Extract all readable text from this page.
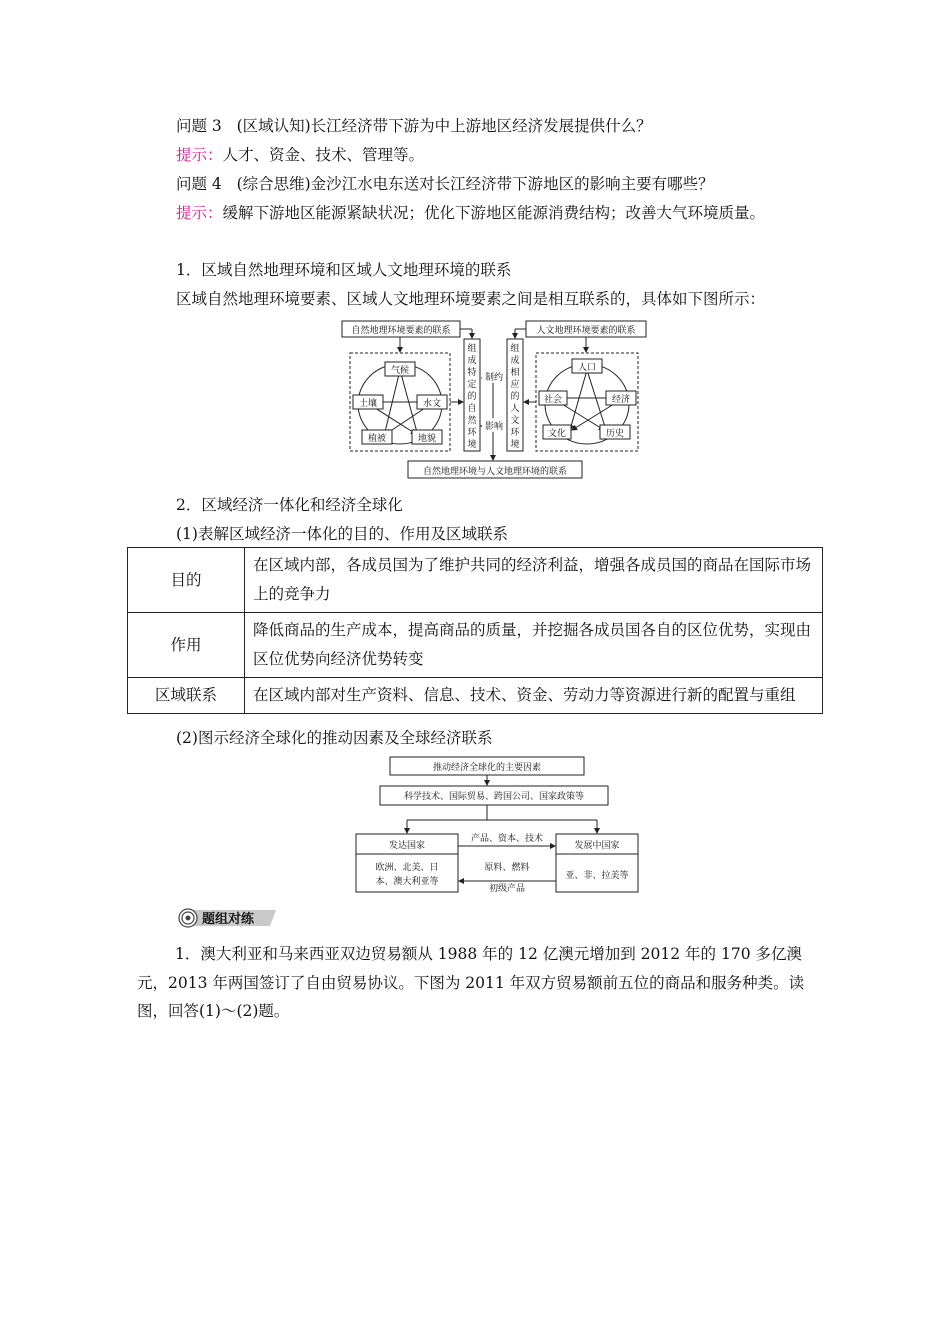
问题 3 (区域认知)长江经济带下游为中上游地区经济发展提供什么？
提示：人才、资金、技术、管理等。
问题 4 (综合思维)金沙江水电东送对长江经济带下游地区的影响主要有哪些？
提示：缓解下游地区能源紧缺状况；优化下游地区能源消费结构；改善大气环境质量。
1．区域自然地理环境和区域人文地理环境的联系
区域自然地理环境要素、区域人文地理环境要素之间是相互联系的，具体如下图所示：
自然地理环境要素的联系	人文地理环境要素的联系
气候
土壤	水文
植被	地貌
人口
社会	经济
文化	历史
制约
影响
自然地理环境与人文地理环境的联系
组
成
特
定
的
自
然
环
境
组
成
相
应
的
人
文
环
境
2．区域经济一体化和经济全球化
(1)表解区域经济一体化的目的、作用及区域联系
目的	在区域内部，各成员国为了维护共同的经济利益，增强各成员国的商品在国际市场上的竞争力
作用	降低商品的生产成本，提高商品的质量，并挖掘各成员国各自的区位优势，实现由区位优势向经济优势转变
区域联系	在区域内部对生产资料、信息、技术、资金、劳动力等资源进行新的配置与重组
(2)图示经济全球化的推动因素及全球经济联系
推动经济全球化的主要因素
科学技术、国际贸易、跨国公司、国家政策等
发达国家
欧洲、北美、日
本、澳大利亚等
发展中国家
亚、非、拉美等
产品、资本、技术
原料、燃料
初级产品
题组对练
1．澳大利亚和马来西亚双边贸易额从 1988 年的 12 亿澳元增加到 2012 年的 170 多亿澳元，2013 年两国签订了自由贸易协议。下图为 2011 年双方贸易额前五位的商品和服务种类。读图，回答(1)～(2)题。
